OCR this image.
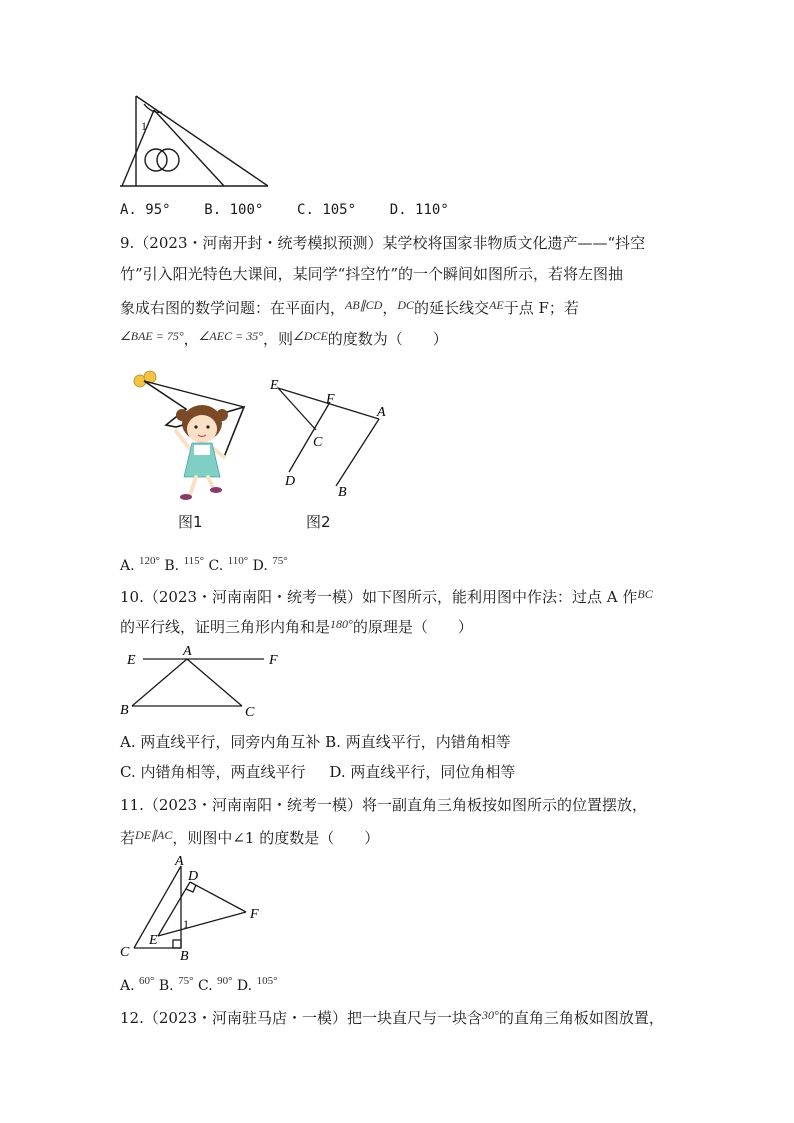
1
A. 95° B. 100° C. 105° D. 110°
9.（2023・河南开封・统考模拟预测）某学校将国家非物质文化遗产——“抖空
竹”引入阳光特色大课间，某同学“抖空竹”的一个瞬间如图所示，若将左图抽
象成右图的数学问题：在平面内，$^{AB\parallel CD}$，$^{DC}$的延长线交$^{AE}$于点 F；若
$^{\angle BAE = 75^\circ}$，$^{\angle AEC = 35^\circ}$，则$^{\angle DCE}$的度数为（　　）
E
F
A
C
D
B
图1	图2
A. $^{120^\circ}$ B. $^{115^\circ}$ C. $^{110^\circ}$ D. $^{75^\circ}$
10.（2023・河南南阳・统考一模）如下图所示，能利用图中作法：过点 A 作$^{BC}$
的平行线，证明三角形内角和是$^{180^\circ}$的原理是（　　）
E
A
F
B	C
A. 两直线平行，同旁内角互补 B. 两直线平行，内错角相等
C. 内错角相等，两直线平行 D. 两直线平行，同位角相等
11.（2023・河南南阳・统考一模）将一副直角三角板按如图所示的位置摆放，
若$^{DE\parallel AC}$，则图中∠1 的度数是（　　）
A
D
F
1
C
E
B
A. $^{60^\circ}$ B. $^{75^\circ}$ C. $^{90^\circ}$ D. $^{105^\circ}$
12.（2023・河南驻马店・一模）把一块直尺与一块含$^{30^\circ}$的直角三角板如图放置，
